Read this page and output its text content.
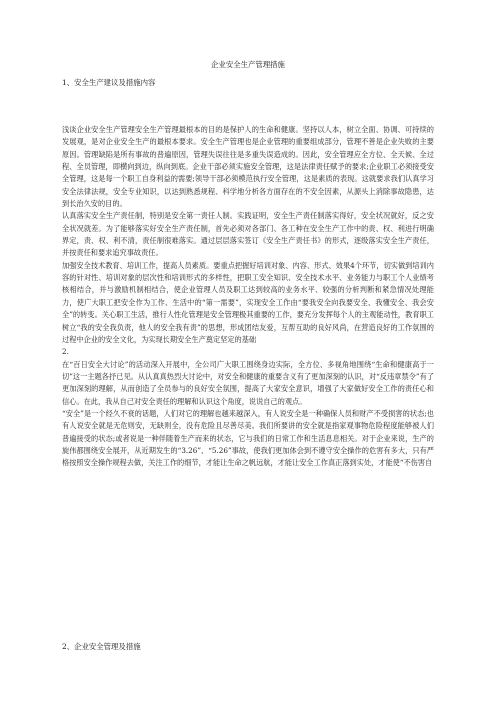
企业安全生产管理措施
1、安全生产建议及措施内容

浅谈企业安全生产管理安全生产管理最根本的目的是保护人的生命和健康。坚持以人本，树立全面、协调、可持续的发展观，是对企业安全生产的最根本要求。安全生产管理也是企业管理的重要组成部分，管理不善是企业失败的主要原因。管理缺陷是所有事故的普遍原因，管理失误往往是多重失误造成的。因此，安全管理应全方位、全天候、全过程、全员管理，即横向到边，纵向到底。企业干部必须实施安全管理，这是法律责任赋予的要求;企业职工必须接受安全管理，这是每一个职工自身利益的需要;领导干部必须模范执行安全管理，这是素质的表现。这就要求我们认真学习安全法律法规，安全专业知识，以达到熟悉规程、科学地分析各方面存在的不安全因素，从源头上消除事故隐患，达到长治久安的目的。

认真落实安全生产责任制，特别是安全第一责任人制。实践证明，安全生产责任制落实得好，安全状况就好，反之安全状况就差。为了能够落实好安全生产责任制，首先必须对各部门、各工种在安全生产工作中的责、权、利进行明确界定，责、权、利不清，责任制很难落实。通过层层落实签订《安全生产责任书》的形式，逐级落实安全生产责任，并按责任和要求追究事故责任。

加强安全技术教育、培训工作，提高人员素质。要重点把握好培训对象、内容、形式、效果4个环节，切实做到培训内容的针对性、培训对象的层次性和培训形式的多样性，把职工安全知识、安全技术水平、业务能力与职工个人业绩考核相结合，并与激励机制相结合，使企业管理人员及职工达到较高的业务水平、较强的分析判断和紧急情况处理能力，使广大职工把安全作为工作、生活中的“第一需要”，实现安全工作由“要我安全向我要安全、我懂安全、我会安全”的转变。关心职工生活，推行人性化管理是安全管理极其重要的工作，要充分发挥每个人的主观能动性，教育职工树立“我的安全我负责，他人的安全我有责”的思想，形成团结友爱，互帮互助的良好风尚，在营造良好的工作氛围的过程中企业的安全文化，为实现长期安全生产奠定坚定的基础

2.

在“百日安全大讨论”的活动深入开展中，全公司广大职工围绕身边实际，全方位、多视角地围绕“生命和健康高于一切”这一主题各抒已见。从认真真热烈大讨论中，对安全和健康的重要含义有了更加深刻的认识，对“反违章禁令”有了更加深刻的理解，从而创造了全员参与的良好安全氛围，提高了大家安全意识，增强了大家做好安全工作的责任心和信心。在此，我从自己对安全责任的理解和认识这个角度，说说自己的观点。

“安全”是一个经久不衰的话题，人们对它的理解也越来越深入，有人说安全是一种确保人员和财产不受损害的状态;也有人说安全就是无危则安，无缺则全，没有危险且尽善尽美。我们所要讲的安全就是指家观事物危险程度能够被人们普遍接受的状态;或者说是一种伴随着生产而来的状态，它与我们的日常工作和生活息息相关。对于企业来说，生产的旋伟都围绕安全展开，从近期发生的“3.26”、“5.26”事故，使我们更加体会到不遵守安全操作的危害有多大，只有严格按照安全操作规程去做，关注工作的细节，才能让生命之帆远航，才能让安全工作真正落到实处，才能使“不伤害自

2、企业安全管理及措施
